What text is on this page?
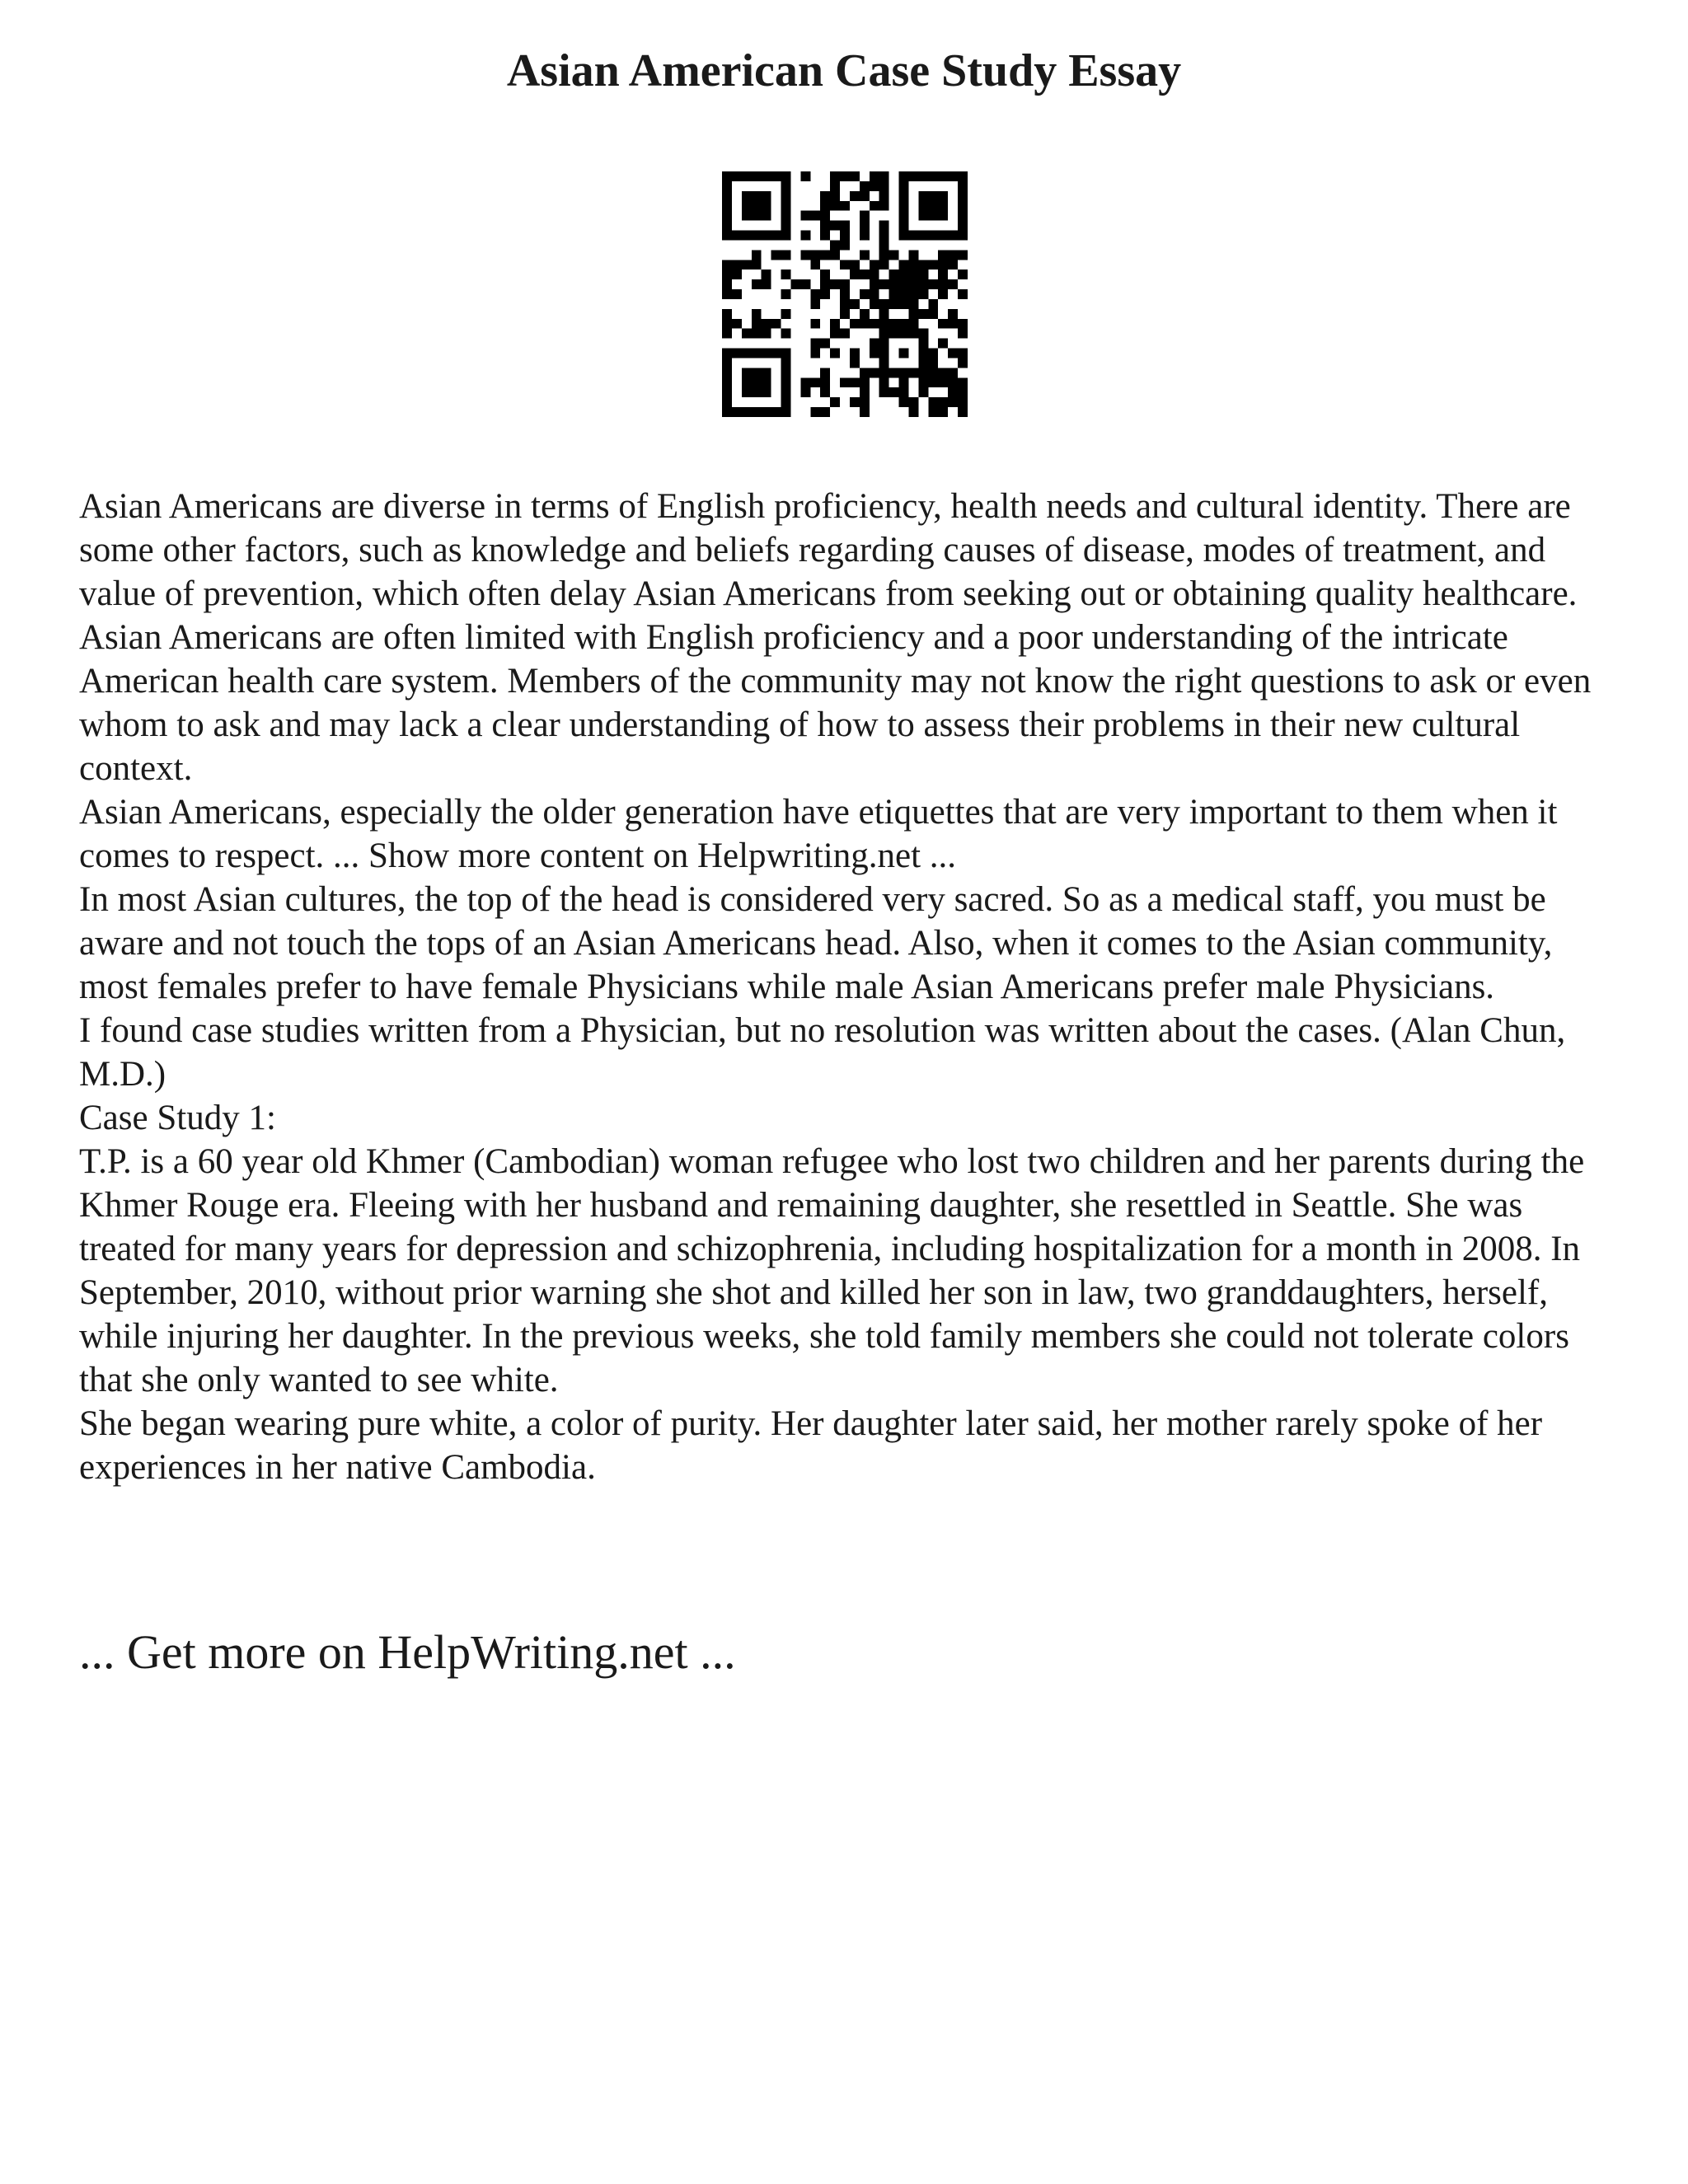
Asian American Case Study Essay

Asian Americans are diverse in terms of English proficiency, health needs and cultural identity. There are some other factors, such as knowledge and beliefs regarding causes of disease, modes of treatment, and value of prevention, which often delay Asian Americans from seeking out or obtaining quality healthcare.

Asian Americans are often limited with English proficiency and a poor understanding of the intricate American health care system. Members of the community may not know the right questions to ask or even whom to ask and may lack a clear understanding of how to assess their problems in their new cultural context.

Asian Americans, especially the older generation have etiquettes that are very important to them when it comes to respect. ... Show more content on Helpwriting.net ...

In most Asian cultures, the top of the head is considered very sacred. So as a medical staff, you must be aware and not touch the tops of an Asian Americans head. Also, when it comes to the Asian community, most females prefer to have female Physicians while male Asian Americans prefer male Physicians.

I found case studies written from a Physician, but no resolution was written about the cases. (Alan Chun, M.D.)

Case Study 1:

T.P. is a 60 year old Khmer (Cambodian) woman refugee who lost two children and her parents during the Khmer Rouge era. Fleeing with her husband and remaining daughter, she resettled in Seattle. She was treated for many years for depression and schizophrenia, including hospitalization for a month in 2008. In September, 2010, without prior warning she shot and killed her son in law, two granddaughters, herself, while injuring her daughter. In the previous weeks, she told family members she could not tolerate colors that she only wanted to see white.

She began wearing pure white, a color of purity. Her daughter later said, her mother rarely spoke of her experiences in her native Cambodia.

... Get more on HelpWriting.net ...
